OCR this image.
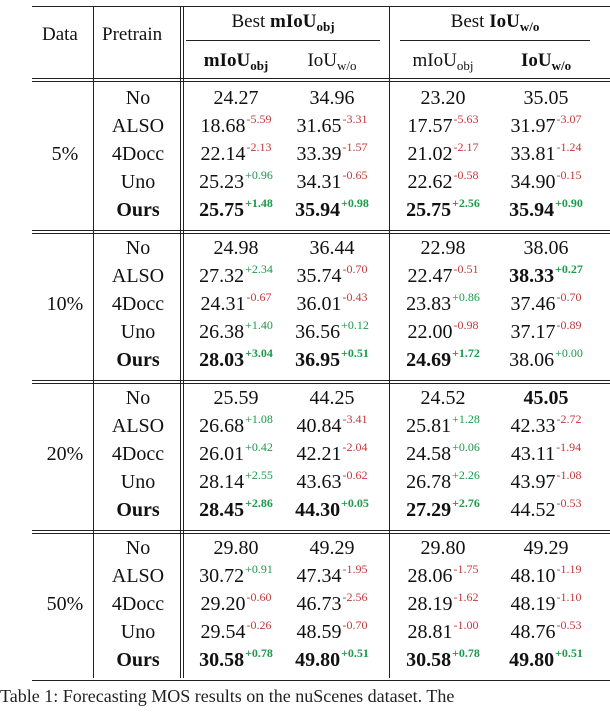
Data Pretrain
Best mIoU$_{obj}$	Best IoU$_{w/o}$
mIoU$_{obj}$ IoU$_{w/o}$	mIoU$_{obj}$ IoU$_{w/o}$
5%
No	24.27	34.96	23.20	35.05
ALSO $18.68^{-5.59}$ $31.65^{-3.31}$ $17.57^{-5.63}$ $31.97^{-3.07}$
4Docc $22.14^{-2.13}$ $33.39^{-1.57}$ $21.02^{-2.17}$ $33.81^{-1.24}$
Uno $25.23^{+0.96}$ $34.31^{-0.65}$ $22.62^{-0.58}$ $34.90^{-0.15}$
Ours $25.75^{+1.48}$ $35.94^{+0.98}$ $25.75^{+2.56}$ $35.94^{+0.90}$
10%
No	24.98	36.44	22.98	38.06
ALSO $27.32^{+2.34}$ $35.74^{-0.70}$ $22.47^{-0.51}$ $38.33^{+0.27}$
4Docc $24.31^{-0.67}$ $36.01^{-0.43}$ $23.83^{+0.86}$ $37.46^{-0.70}$
Uno $26.38^{+1.40}$ $36.56^{+0.12}$ $22.00^{-0.98}$ $37.17^{-0.89}$
Ours $28.03^{+3.04}$ $36.95^{+0.51}$ $24.69^{+1.72}$ $38.06^{+0.00}$
20%
No	25.59	44.25	24.52	45.05
ALSO $26.68^{+1.08}$ $40.84^{-3.41}$ $25.81^{+1.28}$ $42.33^{-2.72}$
4Docc $26.01^{+0.42}$ $42.21^{-2.04}$ $24.58^{+0.06}$ $43.11^{-1.94}$
Uno $28.14^{+2.55}$ $43.63^{-0.62}$ $26.78^{+2.26}$ $43.97^{-1.08}$
Ours $28.45^{+2.86}$ $44.30^{+0.05}$ $27.29^{+2.76}$ $44.52^{-0.53}$
50%
No	29.80	49.29	29.80	49.29
ALSO $30.72^{+0.91}$ $47.34^{-1.95}$ $28.06^{-1.75}$ $48.10^{-1.19}$
4Docc $29.20^{-0.60}$ $46.73^{-2.56}$ $28.19^{-1.62}$ $48.19^{-1.10}$
Uno $29.54^{-0.26}$ $48.59^{-0.70}$ $28.81^{-1.00}$ $48.76^{-0.53}$
Ours $30.58^{+0.78}$ $49.80^{+0.51}$ $30.58^{+0.78}$ $49.80^{+0.51}$
Table 1: Forecasting MOS results on the nuScenes dataset. The
